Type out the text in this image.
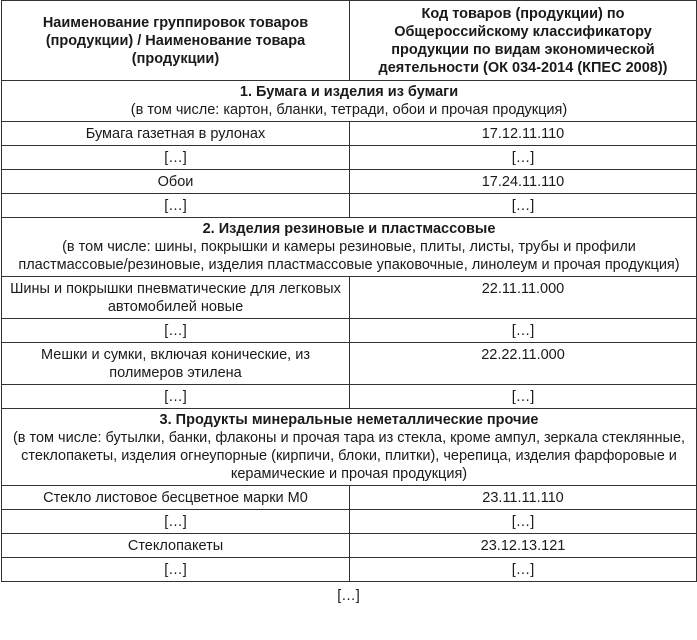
Наименование группировок товаров (продукции) / Наименование товара (продукции)	Код товаров (продукции) по Общероссийскому классификатору продукции по видам экономической деятельности (ОК 034-2014 (КПЕС 2008))

1. Бумага и изделия из бумаги
(в том числе: картон, бланки, тетради, обои и прочая продукция)	

Бумага газетная в рулонах	17.12.11.110
[…]	[…]
Обои	17.24.11.110
[…]	[…]

2. Изделия резиновые и пластмассовые
(в том числе: шины, покрышки и камеры резиновые, плиты, листы, трубы и профили пластмассовые/резиновые, изделия пластмассовые упаковочные, линолеум и прочая продукция)	

Шины и покрышки пневматические для легковых автомобилей новые	22.11.11.000
[…]	[…]
Мешки и сумки, включая конические, из полимеров этилена	22.22.11.000
[…]	[…]

3. Продукты минеральные неметаллические прочие
(в том числе: бутылки, банки, флаконы и прочая тара из стекла, кроме ампул, зеркала стеклянные, стеклопакеты, изделия огнеупорные (кирпичи, блоки, плитки), черепица, изделия фарфоровые и керамические и прочая продукция)	

Стекло листовое бесцветное марки М0	23.11.11.110
[…]	[…]
Стеклопакеты	23.12.13.121
[…]	[…]
[…]
